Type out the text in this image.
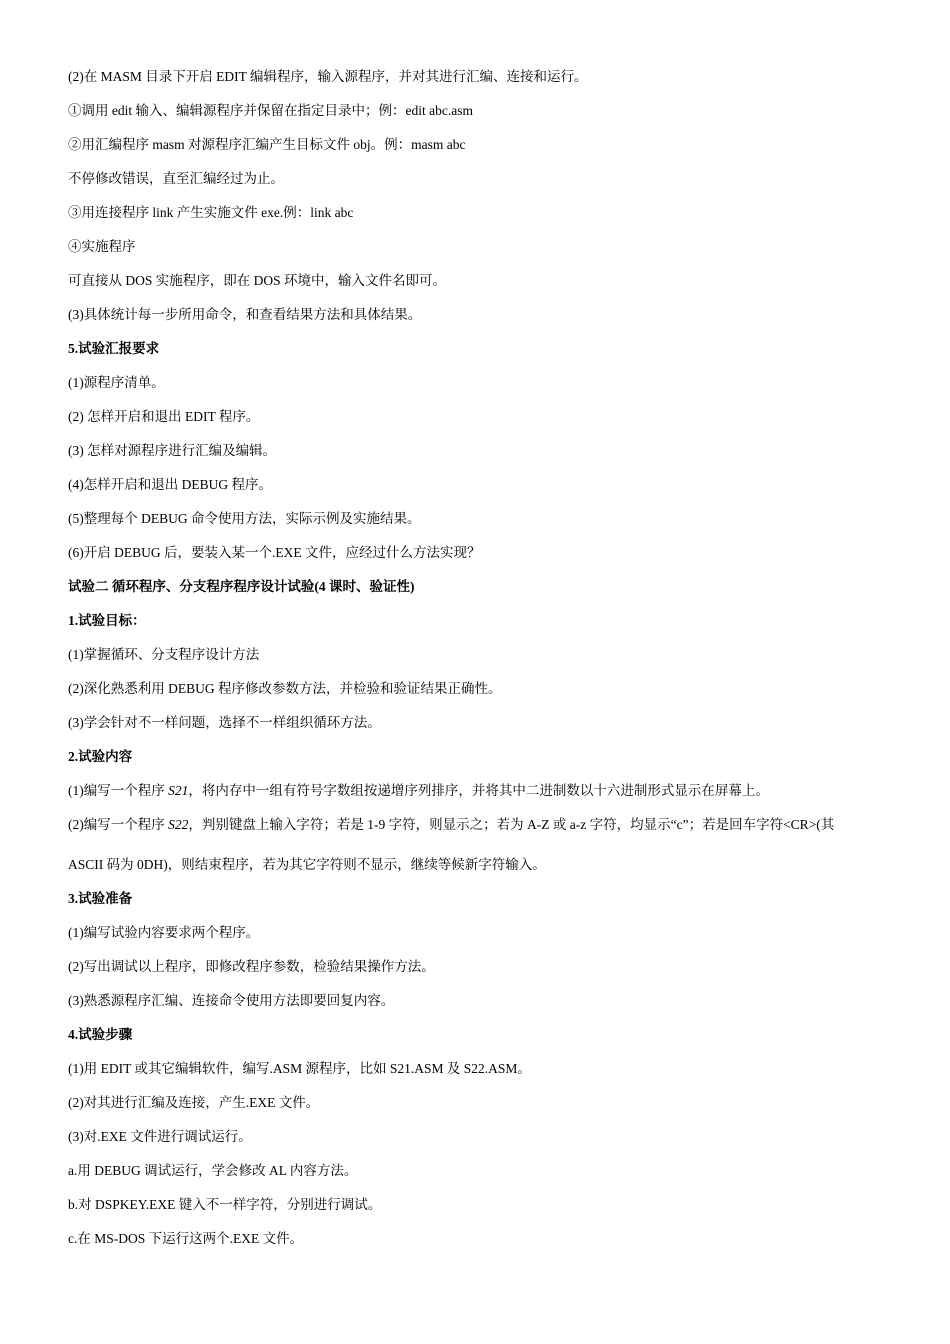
(2)在 MASM 目录下开启 EDIT 编辑程序，输入源程序，并对其进行汇编、连接和运行。
①调用 edit 输入、编辑源程序并保留在指定目录中；例：edit abc.asm
②用汇编程序 masm 对源程序汇编产生目标文件 obj。例：masm abc
不停修改错误，直至汇编经过为止。
③用连接程序 link 产生实施文件 exe.例：link abc
④实施程序
可直接从 DOS 实施程序，即在 DOS 环境中，输入文件名即可。
(3)具体统计每一步所用命令，和查看结果方法和具体结果。
5.试验汇报要求
(1)源程序清单。
(2) 怎样开启和退出 EDIT 程序。
(3) 怎样对源程序进行汇编及编辑。
(4)怎样开启和退出 DEBUG 程序。
(5)整理每个 DEBUG 命令使用方法，实际示例及实施结果。
(6)开启 DEBUG 后，要装入某一个.EXE 文件，应经过什么方法实现？
试验二 循环程序、分支程序程序设计试验(4 课时、验证性)
1.试验目标：
(1)掌握循环、分支程序设计方法
(2)深化熟悉利用 DEBUG 程序修改参数方法，并检验和验证结果正确性。
(3)学会针对不一样问题，选择不一样组织循环方法。
2.试验内容
(1)编写一个程序 S21，将内存中一组有符号字数组按递增序列排序，并将其中二进制数以十六进制形式显示在屏幕上。
(2)编写一个程序 S22，判别键盘上输入字符；若是 1-9 字符，则显示之；若为 A-Z 或 a-z 字符，均显示“c”；若是回车字符<CR>(其
ASCII 码为 0DH)，则结束程序，若为其它字符则不显示，继续等候新字符输入。
3.试验准备
(1)编写试验内容要求两个程序。
(2)写出调试以上程序，即修改程序参数，检验结果操作方法。
(3)熟悉源程序汇编、连接命令使用方法即要回复内容。
4.试验步骤
(1)用 EDIT 或其它编辑软件，编写.ASM 源程序，比如 S21.ASM 及 S22.ASM。
(2)对其进行汇编及连接，产生.EXE 文件。
(3)对.EXE 文件进行调试运行。
a.用 DEBUG 调试运行，学会修改 AL 内容方法。
b.对 DSPKEY.EXE 键入不一样字符，分别进行调试。
c.在 MS-DOS 下运行这两个.EXE 文件。
